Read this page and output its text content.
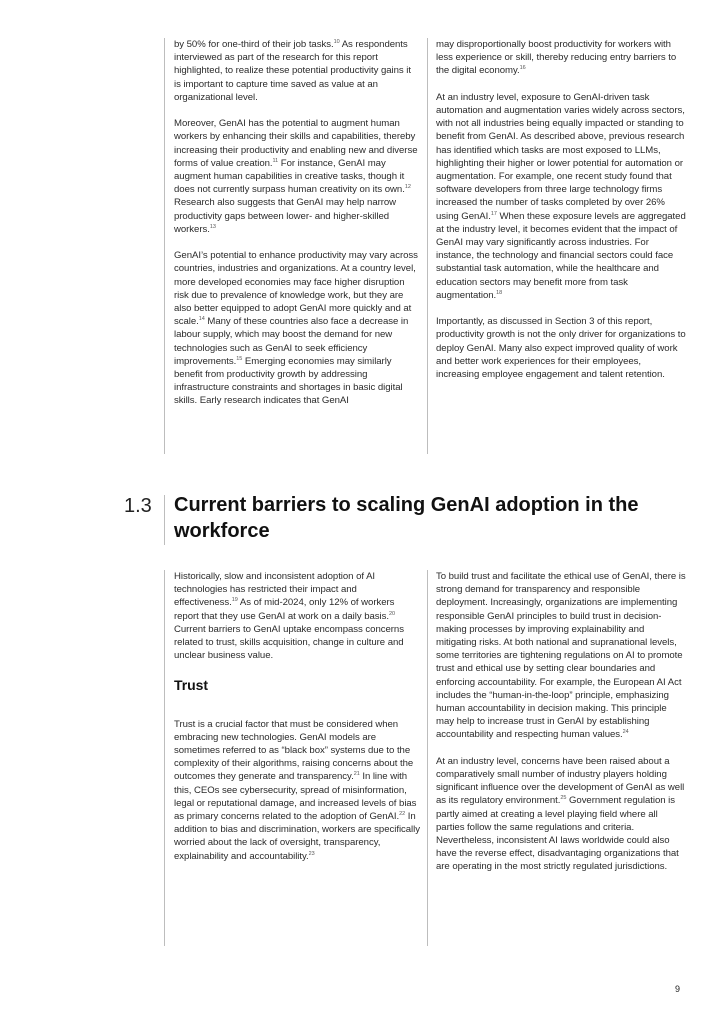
by 50% for one-third of their job tasks.$^{10}$ As respondents interviewed as part of the research for this report highlighted, to realize these potential productivity gains it is important to capture time saved as value at an organizational level.

Moreover, GenAI has the potential to augment human workers by enhancing their skills and capabilities, thereby increasing their productivity and enabling new and diverse forms of value creation.$^{11}$ For instance, GenAI may augment human capabilities in creative tasks, though it does not currently surpass human creativity on its own.$^{12}$ Research also suggests that GenAI may help narrow productivity gaps between lower- and higher-skilled workers.$^{13}$

GenAI’s potential to enhance productivity may vary across countries, industries and organizations. At a country level, more developed economies may face higher disruption risk due to prevalence of knowledge work, but they are also better equipped to adopt GenAI more quickly and at scale.$^{14}$ Many of these countries also face a decrease in labour supply, which may boost the demand for new technologies such as GenAI to seek efficiency improvements.$^{15}$ Emerging economies may similarly benefit from productivity growth by addressing infrastructure constraints and shortages in basic digital skills. Early research indicates that GenAI

may disproportionally boost productivity for workers with less experience or skill, thereby reducing entry barriers to the digital economy.$^{16}$

At an industry level, exposure to GenAI-driven task automation and augmentation varies widely across sectors, with not all industries being equally impacted or standing to benefit from GenAI. As described above, previous research has identified which tasks are most exposed to LLMs, highlighting their higher or lower potential for automation or augmentation. For example, one recent study found that software developers from three large technology firms increased the number of tasks completed by over 26% using GenAI.$^{17}$ When these exposure levels are aggregated at the industry level, it becomes evident that the impact of GenAI may vary significantly across industries. For instance, the technology and financial sectors could face substantial task automation, while the healthcare and education sectors may benefit more from task augmentation.$^{18}$

Importantly, as discussed in Section 3 of this report, productivity growth is not the only driver for organizations to deploy GenAI. Many also expect improved quality of work and better work experiences for their employees, increasing employee engagement and talent retention.

1.3 Current barriers to scaling GenAI adoption in the workforce

Historically, slow and inconsistent adoption of AI technologies has restricted their impact and effectiveness.$^{19}$ As of mid-2024, only 12% of workers report that they use GenAI at work on a daily basis.$^{20}$ Current barriers to GenAI uptake encompass concerns related to trust, skills acquisition, change in culture and unclear business value.

Trust

Trust is a crucial factor that must be considered when embracing new technologies. GenAI models are sometimes referred to as “black box” systems due to the complexity of their algorithms, raising concerns about the outcomes they generate and transparency.$^{21}$ In line with this, CEOs see cybersecurity, spread of misinformation, legal or reputational damage, and increased levels of bias as primary concerns related to the adoption of GenAI.$^{22}$ In addition to bias and discrimination, workers are specifically worried about the lack of oversight, transparency, explainability and accountability.$^{23}$

To build trust and facilitate the ethical use of GenAI, there is strong demand for transparency and responsible deployment. Increasingly, organizations are implementing responsible GenAI principles to build trust in decision-making processes by improving explainability and mitigating risks. At both national and supranational levels, some territories are tightening regulations on AI to promote trust and ethical use by setting clear boundaries and enforcing accountability. For example, the European AI Act includes the “human-in-the-loop” principle, emphasizing human accountability in decision making. This principle may help to increase trust in GenAI by establishing accountability and respecting human values.$^{24}$

At an industry level, concerns have been raised about a comparatively small number of industry players holding significant influence over the development of GenAI as well as its regulatory environment.$^{25}$ Government regulation is partly aimed at creating a level playing field where all parties follow the same regulations and criteria. Nevertheless, inconsistent AI laws worldwide could also have the reverse effect, disadvantaging organizations that are operating in the most strictly regulated jurisdictions.

9
